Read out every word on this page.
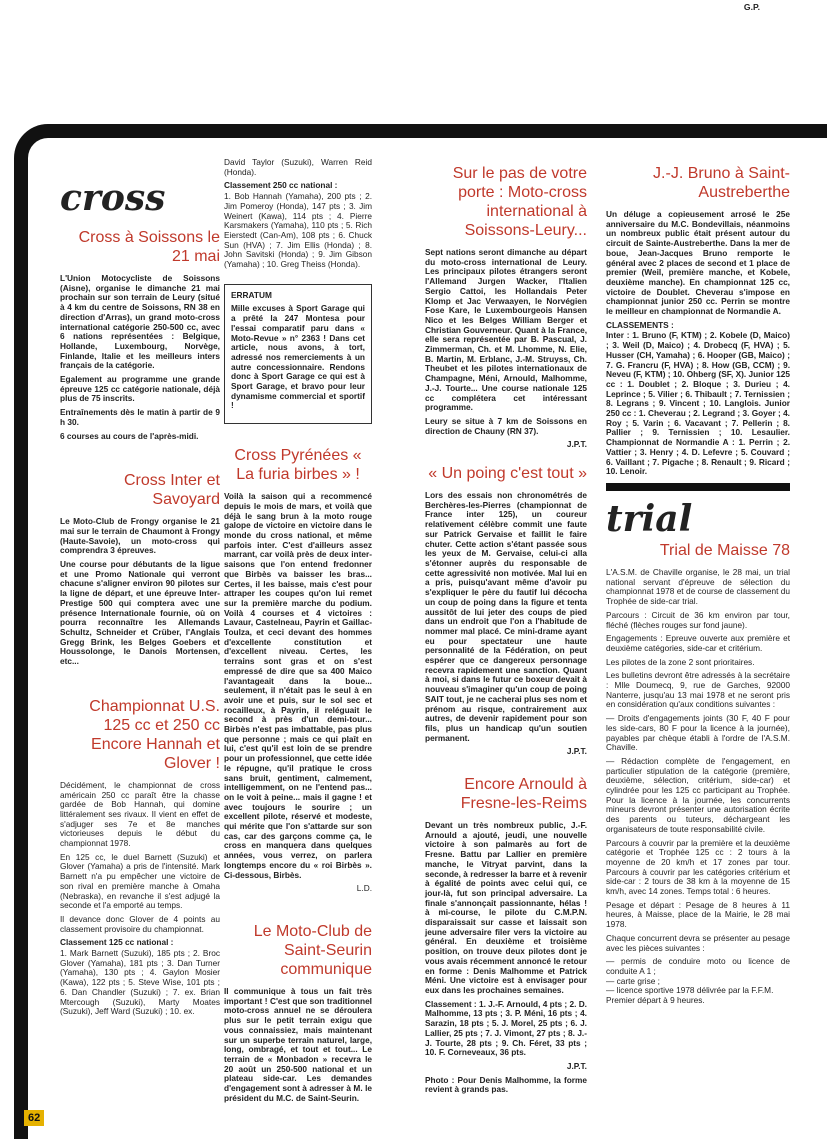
G.P.

cross
Cross à Soissons le 21 mai

L'Union Motocycliste de Soissons (Aisne), organise le dimanche 21 mai prochain sur son terrain de Leury (situé à 4 km du centre de Soissons, RN 38 en direction d'Arras), un grand moto-cross international catégorie 250-500 cc, avec 6 nations représentées : Belgique, Hollande, Luxembourg, Norvège, Finlande, Italie et les meilleurs inters français de la catégorie.

Egalement au programme une grande épreuve 125 cc catégorie nationale, déjà plus de 75 inscrits.

Entraînements dès le matin à partir de 9 h 30.

6 courses au cours de l'après-midi.

Cross Inter et Savoyard

Le Moto-Club de Frongy organise le 21 mai sur le terrain de Chaumont à Frongy (Haute-Savoie), un moto-cross qui comprendra 3 épreuves.

Une course pour débutants de la ligue et une Promo Nationale qui verront chacune s'aligner environ 90 pilotes sur la ligne de départ, et une épreuve Inter-Prestige 500 qui comptera avec une présence Internationale fournie, où on pourra reconnaître les Allemands Schultz, Schneider et Crüber, l'Anglais Gregg Brink, les Belges Goebers et Houssolonge, le Danois Mortensen, etc...

Championnat U.S. 125 cc et 250 cc Encore Hannah et Glover !

Décidément, le championnat de cross américain 250 cc paraît être la chasse gardée de Bob Hannah, qui domine littéralement ses rivaux. Il vient en effet de s'adjuger ses 7e et 8e manches victorieuses depuis le début du championnat 1978.

En 125 cc, le duel Barnett (Suzuki) et Glover (Yamaha) a pris de l'intensité. Mark Barnett n'a pu empêcher une victoire de son rival en première manche à Omaha (Nebraska), en revanche il s'est adjugé la seconde et l'a emporté au temps.

Il devance donc Glover de 4 points au classement provisoire du championnat.

Classement 125 cc national :

1. Mark Barnett (Suzuki), 185 pts ; 2. Broc Glover (Yamaha), 181 pts ; 3. Dan Turner (Yamaha), 130 pts ; 4. Gaylon Mosier (Kawa), 122 pts ; 5. Steve Wise, 101 pts ; 6. Dan Chandler (Suzuki) ; 7. ex. Brian Mtercough (Suzuki), Marty Moates (Suzuki), Jeff Ward (Suzuki) ; 10. ex.

David Taylor (Suzuki), Warren Reid (Honda).

Classement 250 cc national :

1. Bob Hannah (Yamaha), 200 pts ; 2. Jim Pomeroy (Honda), 147 pts ; 3. Jim Weinert (Kawa), 114 pts ; 4. Pierre Karsmakers (Yamaha), 110 pts ; 5. Rich Eierstedt (Can-Am), 108 pts ; 6. Chuck Sun (HVA) ; 7. Jim Ellis (Honda) ; 8. John Savitski (Honda) ; 9. Jim Gibson (Yamaha) ; 10. Greg Theiss (Honda).

ERRATUM

Mille excuses à Sport Garage qui a prêté la 247 Montesa pour l'essai comparatif paru dans « Moto-Revue » n° 2363 ! Dans cet article, nous avons, à tort, adressé nos remerciements à un autre concessionnaire. Rendons donc à Sport Garage ce qui est à Sport Garage, et bravo pour leur dynamisme commercial et sportif !

Cross Pyrénées « La furia birbes » !

Voilà la saison qui a recommencé depuis le mois de mars, et voilà que déjà le sang brun à la moto rouge galope de victoire en victoire dans le monde du cross national, et même parfois inter. C'est d'ailleurs assez marrant, car voilà près de deux inter-saisons que l'on entend fredonner que Birbès va baisser les bras... Certes, il les baisse, mais c'est pour attraper les coupes qu'on lui remet sur la première marche du podium. Voilà 4 courses et 4 victoires : Lavaur, Castelneau, Payrin et Gaillac-Toulza, et ceci devant des hommes d'excellente constitution et d'excellent niveau. Certes, les terrains sont gras et on s'est empressé de dire que sa 400 Maico l'avantageait dans la boue... seulement, il n'était pas le seul à en avoir une et puis, sur le sol sec et rocailleux, à Payrin, il reléguait le second à près d'un demi-tour... Birbès n'est pas imbattable, pas plus que personne ; mais ce qui plaît en lui, c'est qu'il est loin de se prendre pour un professionnel, que cette idée le répugne, qu'il pratique le cross sans bruit, gentiment, calmement, intelligemment, on ne l'entend pas... on le voit à peine... mais il gagne ! et avec toujours le sourire ; un excellent pilote, réservé et modeste, qui mérite que l'on s'attarde sur son cas, car des garçons comme ça, le cross en manquera dans quelques années, vous verrez, on parlera longtemps encore du « roi Birbès ». Ci-dessous, Birbès.

L.D.

Le Moto-Club de Saint-Seurin communique

Il communique à tous un fait très important ! C'est que son traditionnel moto-cross annuel ne se déroulera plus sur le petit terrain exigu que vous connaissiez, mais maintenant sur un superbe terrain naturel, large, long, ombragé, et tout et tout... Le terrain de « Monbadon » recevra le 20 août un 250-500 national et un plateau side-car. Les demandes d'engagement sont à adresser à M. le président du M.C. de Saint-Seurin.

Sur le pas de votre porte : Moto-cross international à Soissons-Leury...

Sept nations seront dimanche au départ du moto-cross international de Leury. Les principaux pilotes étrangers seront l'Allemand Jurgen Wacker, l'Italien Sergio Cattoi, les Hollandais Peter Klomp et Jac Verwaayen, le Norvégien Fose Kare, le Luxembourgeois Hansen Nico et les Belges William Berger et Christian Gouverneur. Quant à la France, elle sera représentée par B. Pascual, J. Zimmerman, Ch. et M. Lhomme, N. Elie, B. Martin, M. Erblanc, J.-M. Struyss, Ch. Theubet et les pilotes internationaux de Champagne, Méni, Arnould, Malhomme, J.-J. Tourte... Une course nationale 125 cc complétera cet intéressant programme.

Leury se situe à 7 km de Soissons en direction de Chauny (RN 37).

J.P.T.

« Un poing c'est tout »

Lors des essais non chronométrés de Berchères-les-Pierres (championnat de France inter 125), un coureur relativement célèbre commit une faute sur Patrick Gervaise et faillit le faire chuter. Cette action s'étant passée sous les yeux de M. Gervaise, celui-ci alla s'étonner auprès du responsable de cette agressivité non motivée. Mal lui en a pris, puisqu'avant même d'avoir pu s'expliquer le père du fautif lui décocha un coup de poing dans la figure et tenta aussitôt de lui jeter des coups de pied dans un endroit que l'on a l'habitude de nommer mal placé. Ce mini-drame ayant eu pour spectateur une haute personnalité de la Fédération, on peut espérer que ce dangereux personnage recevra rapidement une sanction. Quant à moi, si dans le futur ce boxeur devait à nouveau s'imaginer qu'un coup de poing SAIT tout, je ne cacherai plus ses nom et prénom au risque, contrairement aux autres, de devenir rapidement pour son fils, plus un handicap qu'un soutien permanent.

J.P.T.

Encore Arnould à Fresne-les-Reims

Devant un très nombreux public, J.-F. Arnould a ajouté, jeudi, une nouvelle victoire à son palmarès au fort de Fresne. Battu par Lallier en première manche, le Vitryat parvint, dans la seconde, à redresser la barre et à revenir à égalité de points avec celui qui, ce jour-là, fut son principal adversaire. La finale s'annonçait passionnante, hélas ! à mi-course, le pilote du C.M.P.N. disparaissait sur casse et laissait son jeune adversaire filer vers la victoire au général. En deuxième et troisième position, on trouve deux pilotes dont je vous avais récemment annoncé le retour en forme : Denis Malhomme et Patrick Méni. Une victoire est à envisager pour eux dans les prochaines semaines.

Classement : 1. J.-F. Arnould, 4 pts ; 2. D. Malhomme, 13 pts ; 3. P. Méni, 16 pts ; 4. Sarazin, 18 pts ; 5. J. Morel, 25 pts ; 6. J. Lallier, 25 pts ; 7. J. Vimont, 27 pts ; 8. J.-J. Tourte, 28 pts ; 9. Ch. Féret, 33 pts ; 10. F. Corneveaux, 36 pts.

J.P.T.

Photo : Pour Denis Malhomme, la forme revient à grands pas.

J.-J. Bruno à Saint-Austreberthe

Un déluge a copieusement arrosé le 25e anniversaire du M.C. Bondevillais, néanmoins un nombreux public était présent autour du circuit de Sainte-Austreberthe. Dans la mer de boue, Jean-Jacques Bruno remporte le général avec 2 places de second et 1 place de premier (Weil, première manche, et Kobele, deuxième manche). En championnat 125 cc, victoire de Doublet. Cheverau s'impose en championnat junior 250 cc. Perrin se montre le meilleur en championnat de Normandie A.

CLASSEMENTS :

Inter : 1. Bruno (F, KTM) ; 2. Kobele (D, Maico) ; 3. Weil (D, Maico) ; 4. Drobecq (F, HVA) ; 5. Husser (CH, Yamaha) ; 6. Hooper (GB, Maico) ; 7. G. Francru (F, HVA) ; 8. How (GB, CCM) ; 9. Neveu (F, KTM) ; 10. Ohberg (SF, X). Junior 125 cc : 1. Doublet ; 2. Bloque ; 3. Durieu ; 4. Leprince ; 5. Vilier ; 6. Thibault ; 7. Ternissien ; 8. Legrans ; 9. Vincent ; 10. Langlois. Junior 250 cc : 1. Cheverau ; 2. Legrand ; 3. Goyer ; 4. Roy ; 5. Varin ; 6. Vacavant ; 7. Pellerin ; 8. Pallier ; 9. Ternissien ; 10. Lesaulier. Championnat de Normandie A : 1. Perrin ; 2. Vattier ; 3. Henry ; 4. D. Lefevre ; 5. Couvard ; 6. Vaillant ; 7. Pigache ; 8. Renault ; 9. Ricard ; 10. Lenoir.

trial
Trial de Maisse 78

L'A.S.M. de Chaville organise, le 28 mai, un trial national servant d'épreuve de sélection du championnat 1978 et de course de classement du Trophée de side-car trial.

Parcours : Circuit de 36 km environ par tour, fléché (flèches rouges sur fond jaune).

Engagements : Epreuve ouverte aux première et deuxième catégories, side-car et critérium.

Les pilotes de la zone 2 sont prioritaires.

Les bulletins devront être adressés à la secrétaire : Mlle Doumecq, 9, rue de Garches, 92000 Nanterre, jusqu'au 13 mai 1978 et ne seront pris en considération qu'aux conditions suivantes :

— Droits d'engagements joints (30 F, 40 F pour les side-cars, 80 F pour la licence à la journée), payables par chèque établi à l'ordre de l'A.S.M. Chaville.

— Rédaction complète de l'engagement, en particulier stipulation de la catégorie (première, deuxième, sélection, critérium, side-car) et cylindrée pour les 125 cc participant au Trophée. Pour la licence à la journée, les concurrents mineurs devront présenter une autorisation écrite des parents ou tuteurs, déchargeant les organisateurs de toute responsabilité civile.

Parcours à couvrir par la première et la deuxième catégorie et Trophée 125 cc : 2 tours à la moyenne de 20 km/h et 17 zones par tour. Parcours à couvrir par les catégories critérium et side-car : 2 tours de 38 km à la moyenne de 15 km/h, avec 14 zones. Temps total : 6 heures.

Pesage et départ : Pesage de 8 heures à 11 heures, à Maisse, place de la Mairie, le 28 mai 1978.

Chaque concurrent devra se présenter au pesage avec les pièces suivantes :

— permis de conduire moto ou licence de conduite A 1 ;

— carte grise ;

— licence sportive 1978 délivrée par la F.F.M.

Premier départ à 9 heures.

62
